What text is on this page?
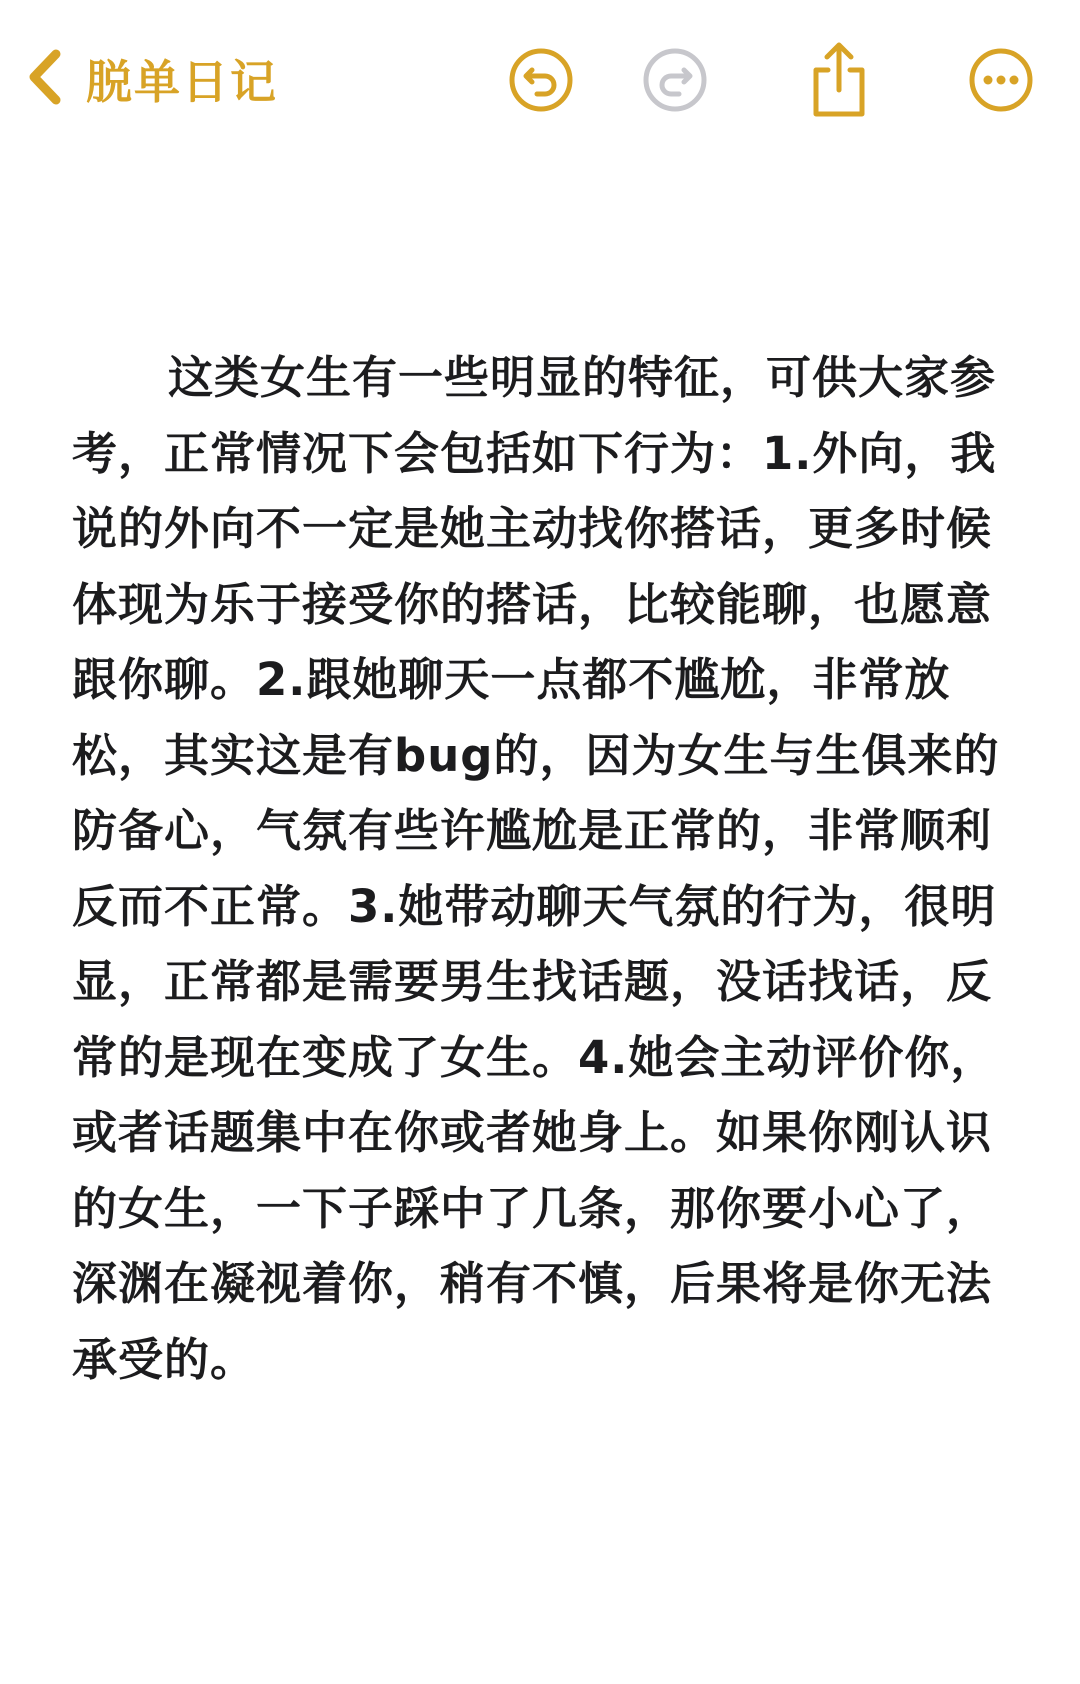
脱单日记
这类女生有一些明显的特征，可供大家参考，正常情况下会包括如下行为：1.外向，我说的外向不一定是她主动找你搭话，更多时候体现为乐于接受你的搭话，比较能聊，也愿意跟你聊。2.跟她聊天一点都不尴尬，非常放松，其实这是有bug的，因为女生与生俱来的防备心，气氛有些许尴尬是正常的，非常顺利反而不正常。3.她带动聊天气氛的行为，很明显，正常都是需要男生找话题，没话找话，反常的是现在变成了女生。4.她会主动评价你，或者话题集中在你或者她身上。如果你刚认识的女生，一下子踩中了几条，那你要小心了，深渊在凝视着你，稍有不慎，后果将是你无法承受的。
